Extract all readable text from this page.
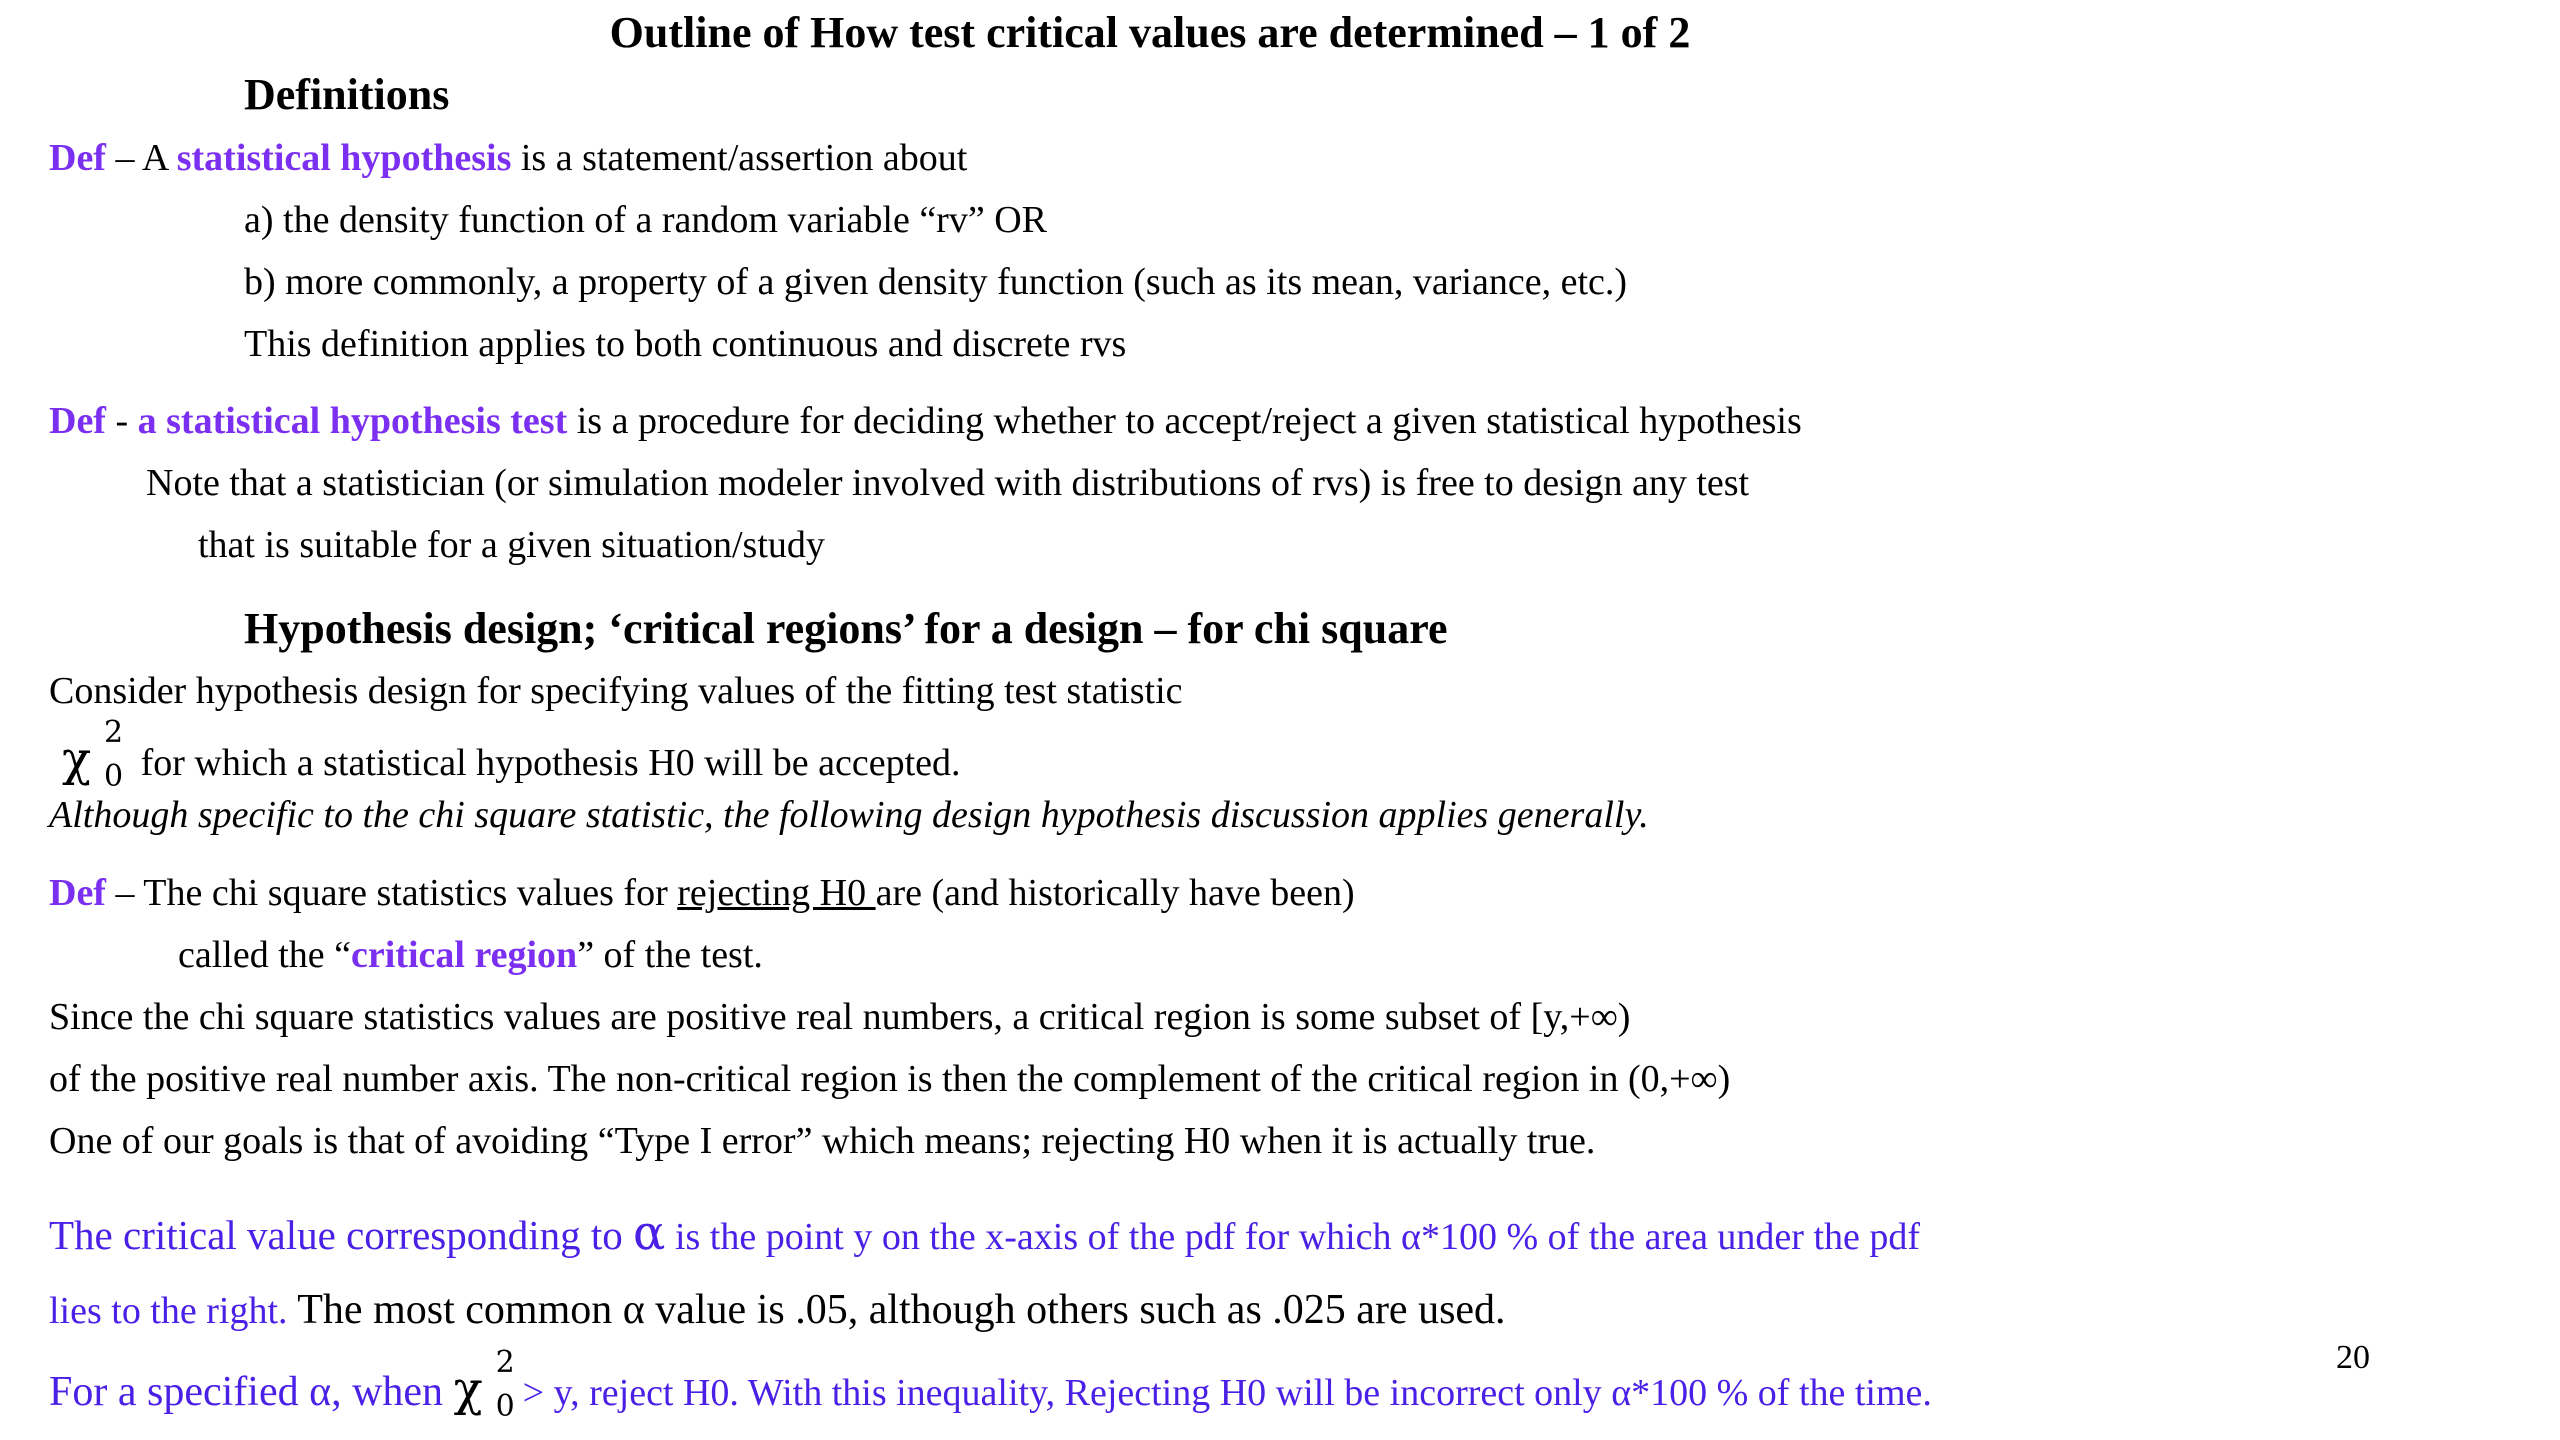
Outline of How test critical values are determined – 1 of 2
Definitions
Def – A statistical hypothesis is a statement/assertion about
a) the density function of a random variable “rv” OR
b) more commonly, a property of a given density function (such as its mean, variance, etc.)
This definition applies to both continuous and discrete rvs
Def - a statistical hypothesis test is a procedure for deciding whether to accept/reject a given statistical hypothesis
Note that a statistician (or simulation modeler involved with distributions of rvs) is free to design any test
that is suitable for a given situation/study
Hypothesis design; ‘critical regions’ for a design – for chi square
Consider hypothesis design for specifying values of the fitting test statistic
χ 2
0 for which a statistical hypothesis H0 will be accepted.
Although specific to the chi square statistic, the following design hypothesis discussion applies generally.
Def – The chi square statistics values for rejecting H0 are (and historically have been)
called the “critical region” of the test.
Since the chi square statistics values are positive real numbers, a critical region is some subset of [y,+∞)
of the positive real number axis. The non-critical region is then the complement of the critical region in (0,+∞)
One of our goals is that of avoiding “Type I error” which means; rejecting H0 when it is actually true.
The critical value corresponding to α is the point y on the x-axis of the pdf for which α*100 % of the area under the pdf
lies to the right. The most common α value is .05, although others such as .025 are used.
For a specified α, when χ 2
0 > y, reject H0. With this inequality, Rejecting H0 will be incorrect only α*100 % of the time.
20
